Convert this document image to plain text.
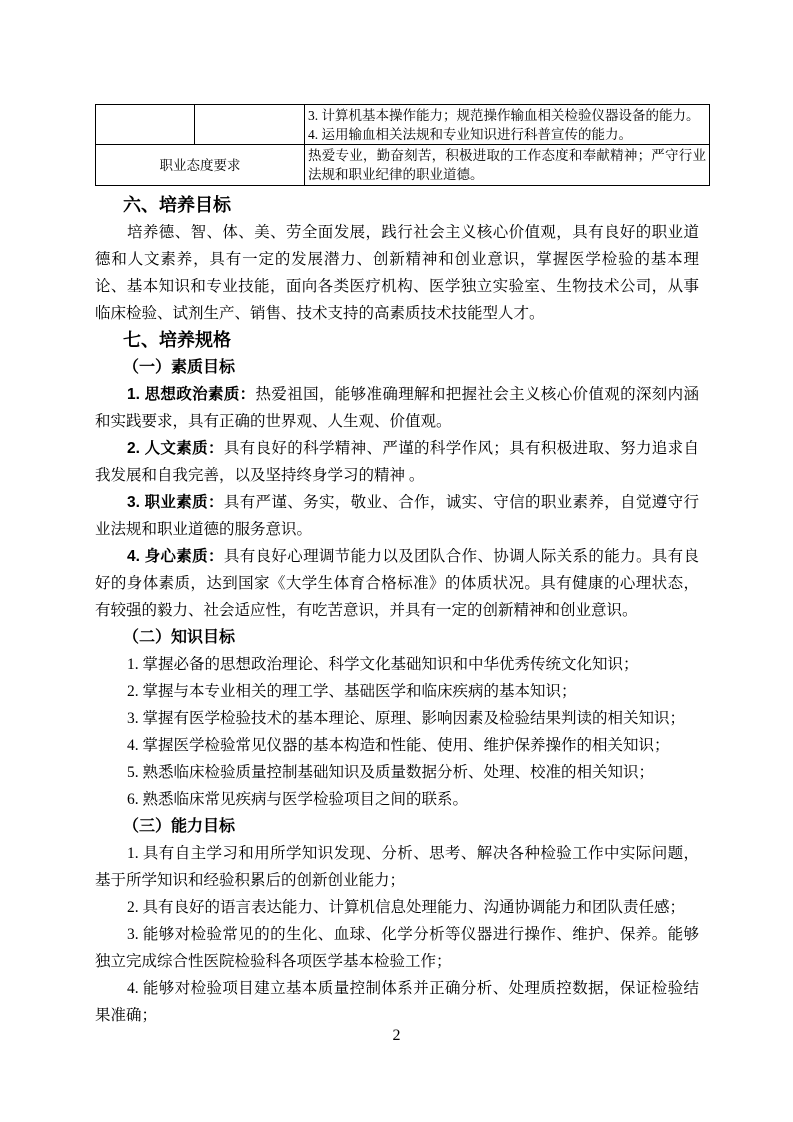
		3. 计算机基本操作能力；规范操作输血相关检验仪器设备的能力。
4. 运用输血相关法规和专业知识进行科普宣传的能力。

职业态度要求		热爱专业，勤奋刻苦，积极进取的工作态度和奉献精神；严守行业法规和职业纪律的职业道德。
六、培养目标

培养德、智、体、美、劳全面发展，践行社会主义核心价值观，具有良好的职业道德和人文素养，具有一定的发展潜力、创新精神和创业意识，掌握医学检验的基本理论、基本知识和专业技能，面向各类医疗机构、医学独立实验室、生物技术公司，从事临床检验、试剂生产、销售、技术支持的高素质技术技能型人才。

七、培养规格
（一）素质目标

1. 思想政治素质：热爱祖国，能够准确理解和把握社会主义核心价值观的深刻内涵和实践要求，具有正确的世界观、人生观、价值观。

2. 人文素质：具有良好的科学精神、严谨的科学作风；具有积极进取、努力追求自我发展和自我完善，以及坚持终身学习的精神 。

3. 职业素质：具有严谨、务实，敬业、合作，诚实、守信的职业素养，自觉遵守行业法规和职业道德的服务意识。

4. 身心素质：具有良好心理调节能力以及团队合作、协调人际关系的能力。具有良好的身体素质，达到国家《大学生体育合格标准》的体质状况。具有健康的心理状态，有较强的毅力、社会适应性，有吃苦意识，并具有一定的创新精神和创业意识。

（二）知识目标

1. 掌握必备的思想政治理论、科学文化基础知识和中华优秀传统文化知识；

2. 掌握与本专业相关的理工学、基础医学和临床疾病的基本知识；

3. 掌握有医学检验技术的基本理论、原理、影响因素及检验结果判读的相关知识；

4. 掌握医学检验常见仪器的基本构造和性能、使用、维护保养操作的相关知识；

5. 熟悉临床检验质量控制基础知识及质量数据分析、处理、校准的相关知识；

6. 熟悉临床常见疾病与医学检验项目之间的联系。

（三）能力目标

1. 具有自主学习和用所学知识发现、分析、思考、解决各种检验工作中实际问题，基于所学知识和经验积累后的创新创业能力；

2. 具有良好的语言表达能力、计算机信息处理能力、沟通协调能力和团队责任感；

3. 能够对检验常见的的生化、血球、化学分析等仪器进行操作、维护、保养。能够独立完成综合性医院检验科各项医学基本检验工作；

4. 能够对检验项目建立基本质量控制体系并正确分析、处理质控数据，保证检验结果准确；

2
